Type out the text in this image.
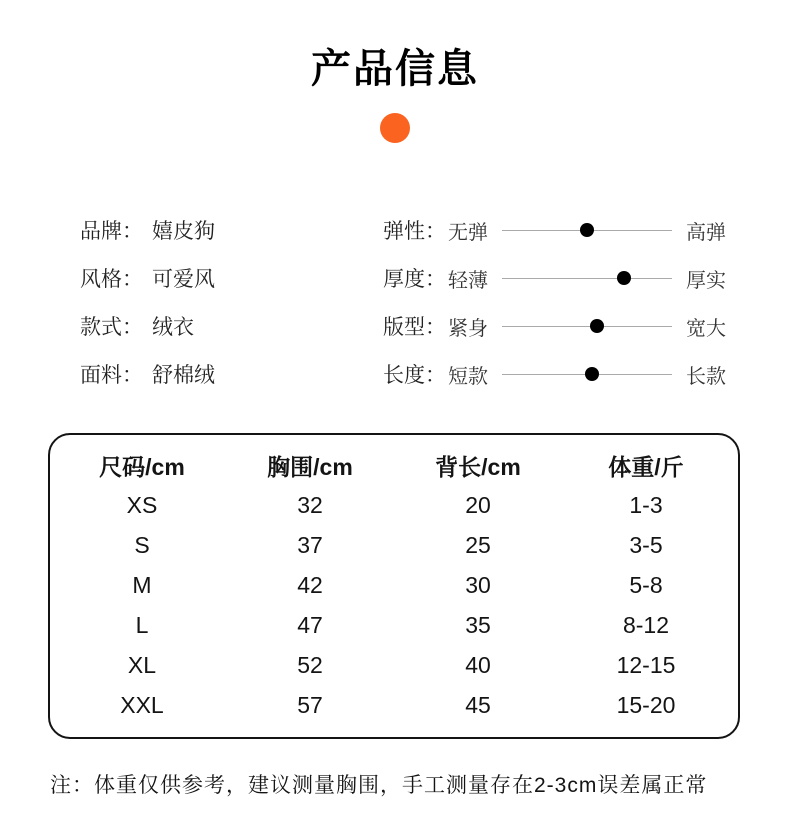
产品信息
品牌： 嬉皮狗
风格： 可爱风
款式： 绒衣
面料： 舒棉绒
弹性： 无弹	高弹
厚度： 轻薄	厚实
版型： 紧身	宽大
长度： 短款	长款
尺码/cm	胸围/cm	背长/cm	体重/斤
XS	32	20	1-3
S	37	25	3-5
M	42	30	5-8
L	47	35	8-12
XL	52	40	12-15
XXL	57	45	15-20
注：体重仅供参考，建议测量胸围，手工测量存在2-3cm误差属正常
